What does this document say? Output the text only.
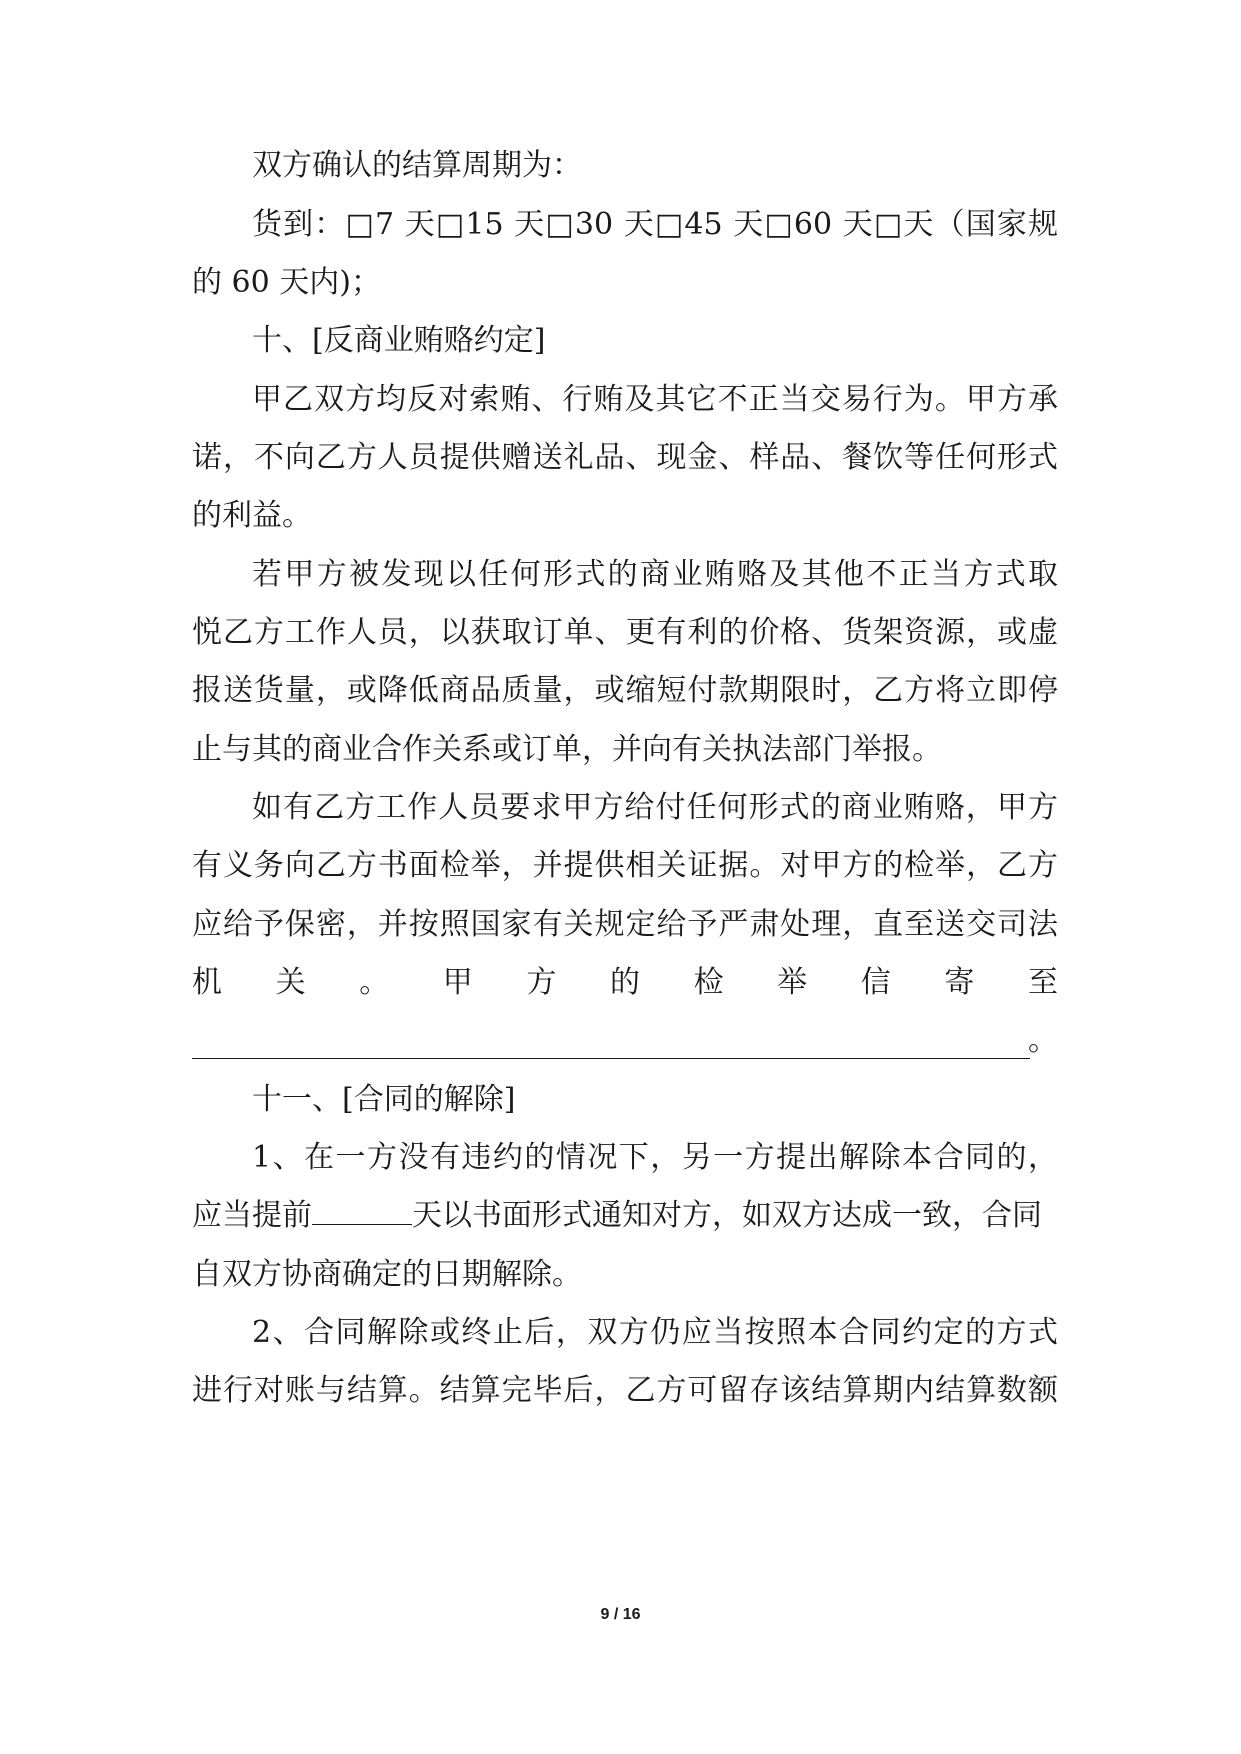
双方确认的结算周期为：
货到：□7 天□15 天□30 天□45 天□60 天□天（国家规
的 60 天内)；
十、[反商业贿赂约定]
甲乙双方均反对索贿、行贿及其它不正当交易行为。甲方承
诺，不向乙方人员提供赠送礼品、现金、样品、餐饮等任何形式
的利益。
若甲方被发现以任何形式的商业贿赂及其他不正当方式取
悦乙方工作人员，以获取订单、更有利的价格、货架资源，或虚
报送货量，或降低商品质量，或缩短付款期限时，乙方将立即停
止与其的商业合作关系或订单，并向有关执法部门举报。
如有乙方工作人员要求甲方给付任何形式的商业贿赂，甲方
有义务向乙方书面检举，并提供相关证据。对甲方的检举，乙方
应给予保密，并按照国家有关规定给予严肃处理，直至送交司法
机 关 。 甲 方 的 检 举 信 寄 至
。
十一、[合同的解除]
1、在一方没有违约的情况下，另一方提出解除本合同的，
应当提前	天以书面形式通知对方，如双方达成一致，合同
自双方协商确定的日期解除。
2、合同解除或终止后，双方仍应当按照本合同约定的方式
进行对账与结算。结算完毕后，乙方可留存该结算期内结算数额
9 / 16
